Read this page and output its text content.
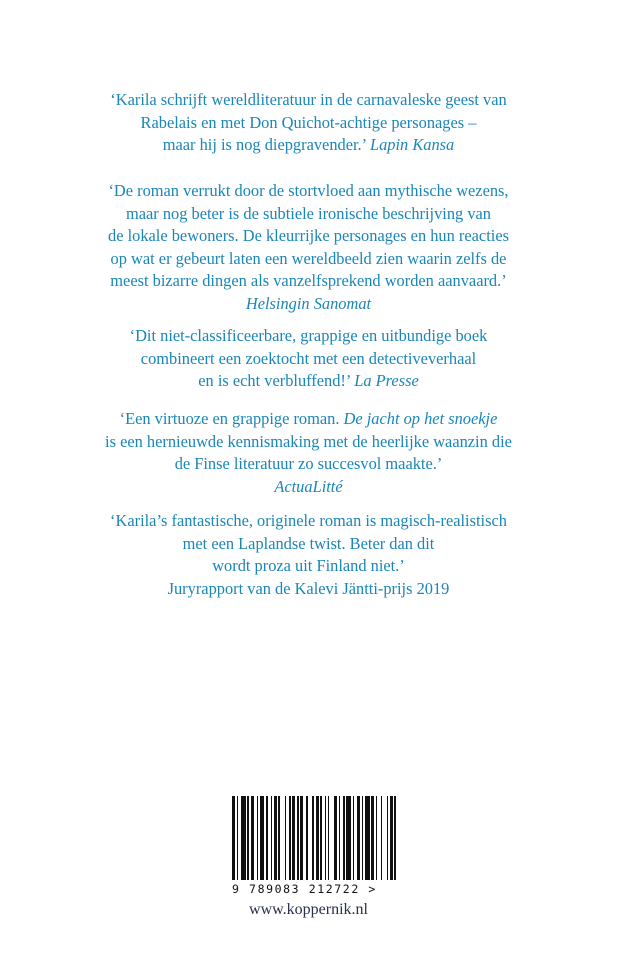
‘Karila schrijft wereldliteratuur in de carnavaleske geest van
Rabelais en met Don Quichot-achtige personages –
maar hij is nog diepgravender.’ Lapin Kansa
‘De roman verrukt door de stortvloed aan mythische wezens,
maar nog beter is de subtiele ironische beschrijving van
de lokale bewoners. De kleurrijke personages en hun reacties
op wat er gebeurt laten een wereldbeeld zien waarin zelfs de
meest bizarre dingen als vanzelfsprekend worden aanvaard.’
Helsingin Sanomat
‘Dit niet-classificeerbare, grappige en uitbundige boek
combineert een zoektocht met een detectiveverhaal
en is echt verbluffend!’ La Presse
‘Een virtuoze en grappige roman. De jacht op het snoekje
is een hernieuwde kennismaking met de heerlijke waanzin die
de Finse literatuur zo succesvol maakte.’
ActuaLitté
‘Karila’s fantastische, originele roman is magisch-realistisch
met een Laplandse twist. Beter dan dit
wordt proza uit Finland niet.’
Juryrapport van de Kalevi Jäntti-prijs 2019
9 789083 212722 >
www.koppernik.nl
